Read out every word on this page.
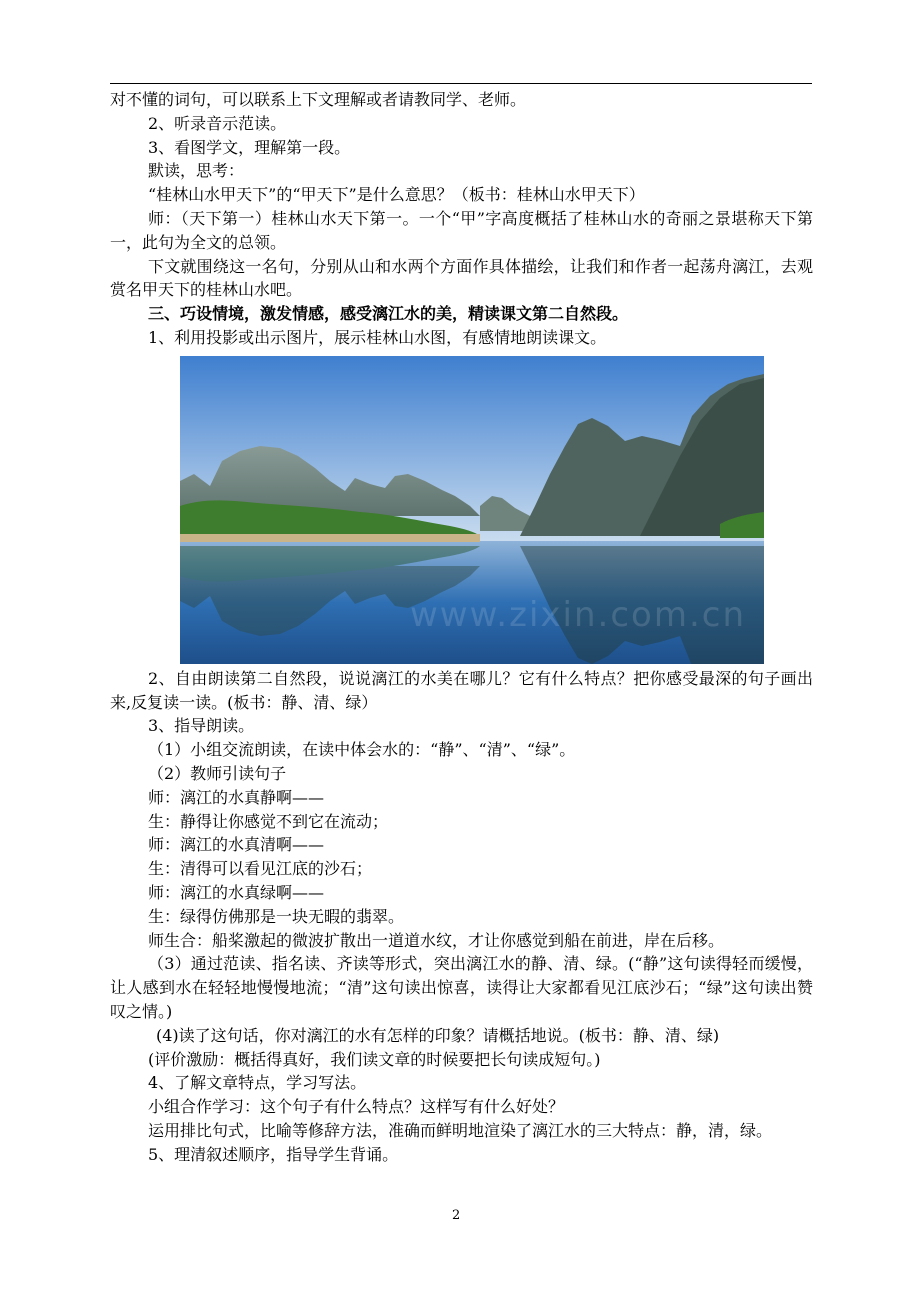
对不懂的词句，可以联系上下文理解或者请教同学、老师。

2、听录音示范读。

3、看图学文，理解第一段。

默读，思考：

“桂林山水甲天下”的“甲天下”是什么意思？（板书：桂林山水甲天下）

师：（天下第一）桂林山水天下第一。一个“甲”字高度概括了桂林山水的奇丽之景堪称天下第一，此句为全文的总领。

下文就围绕这一名句，分别从山和水两个方面作具体描绘，让我们和作者一起荡舟漓江，去观赏名甲天下的桂林山水吧。

三、巧设情境，激发情感，感受漓江水的美，精读课文第二自然段。

1、利用投影或出示图片，展示桂林山水图，有感情地朗读课文。

www.zixin.com.cn

2、自由朗读第二自然段，说说漓江的水美在哪儿？它有什么特点？把你感受最深的句子画出来,反复读一读。(板书：静、清、绿）

3、指导朗读。

（1）小组交流朗读，在读中体会水的：“静”、“清”、“绿”。

（2）教师引读句子

师：漓江的水真静啊——

生：静得让你感觉不到它在流动；

师：漓江的水真清啊——

生：清得可以看见江底的沙石；

师：漓江的水真绿啊——

生：绿得仿佛那是一块无暇的翡翠。

师生合：船桨激起的微波扩散出一道道水纹，才让你感觉到船在前进，岸在后移。

（3）通过范读、指名读、齐读等形式，突出漓江水的静、清、绿。(“静”这句读得轻而缓慢，让人感到水在轻轻地慢慢地流；“清”这句读出惊喜，读得让大家都看见江底沙石；“绿”这句读出赞叹之情。)

(4)读了这句话，你对漓江的水有怎样的印象？请概括地说。(板书：静、清、绿)

(评价激励：概括得真好，我们读文章的时候要把长句读成短句。)

4、了解文章特点，学习写法。

小组合作学习：这个句子有什么特点？这样写有什么好处？

运用排比句式，比喻等修辞方法，准确而鲜明地渲染了漓江水的三大特点：静，清，绿。

5、理清叙述顺序，指导学生背诵。

2
